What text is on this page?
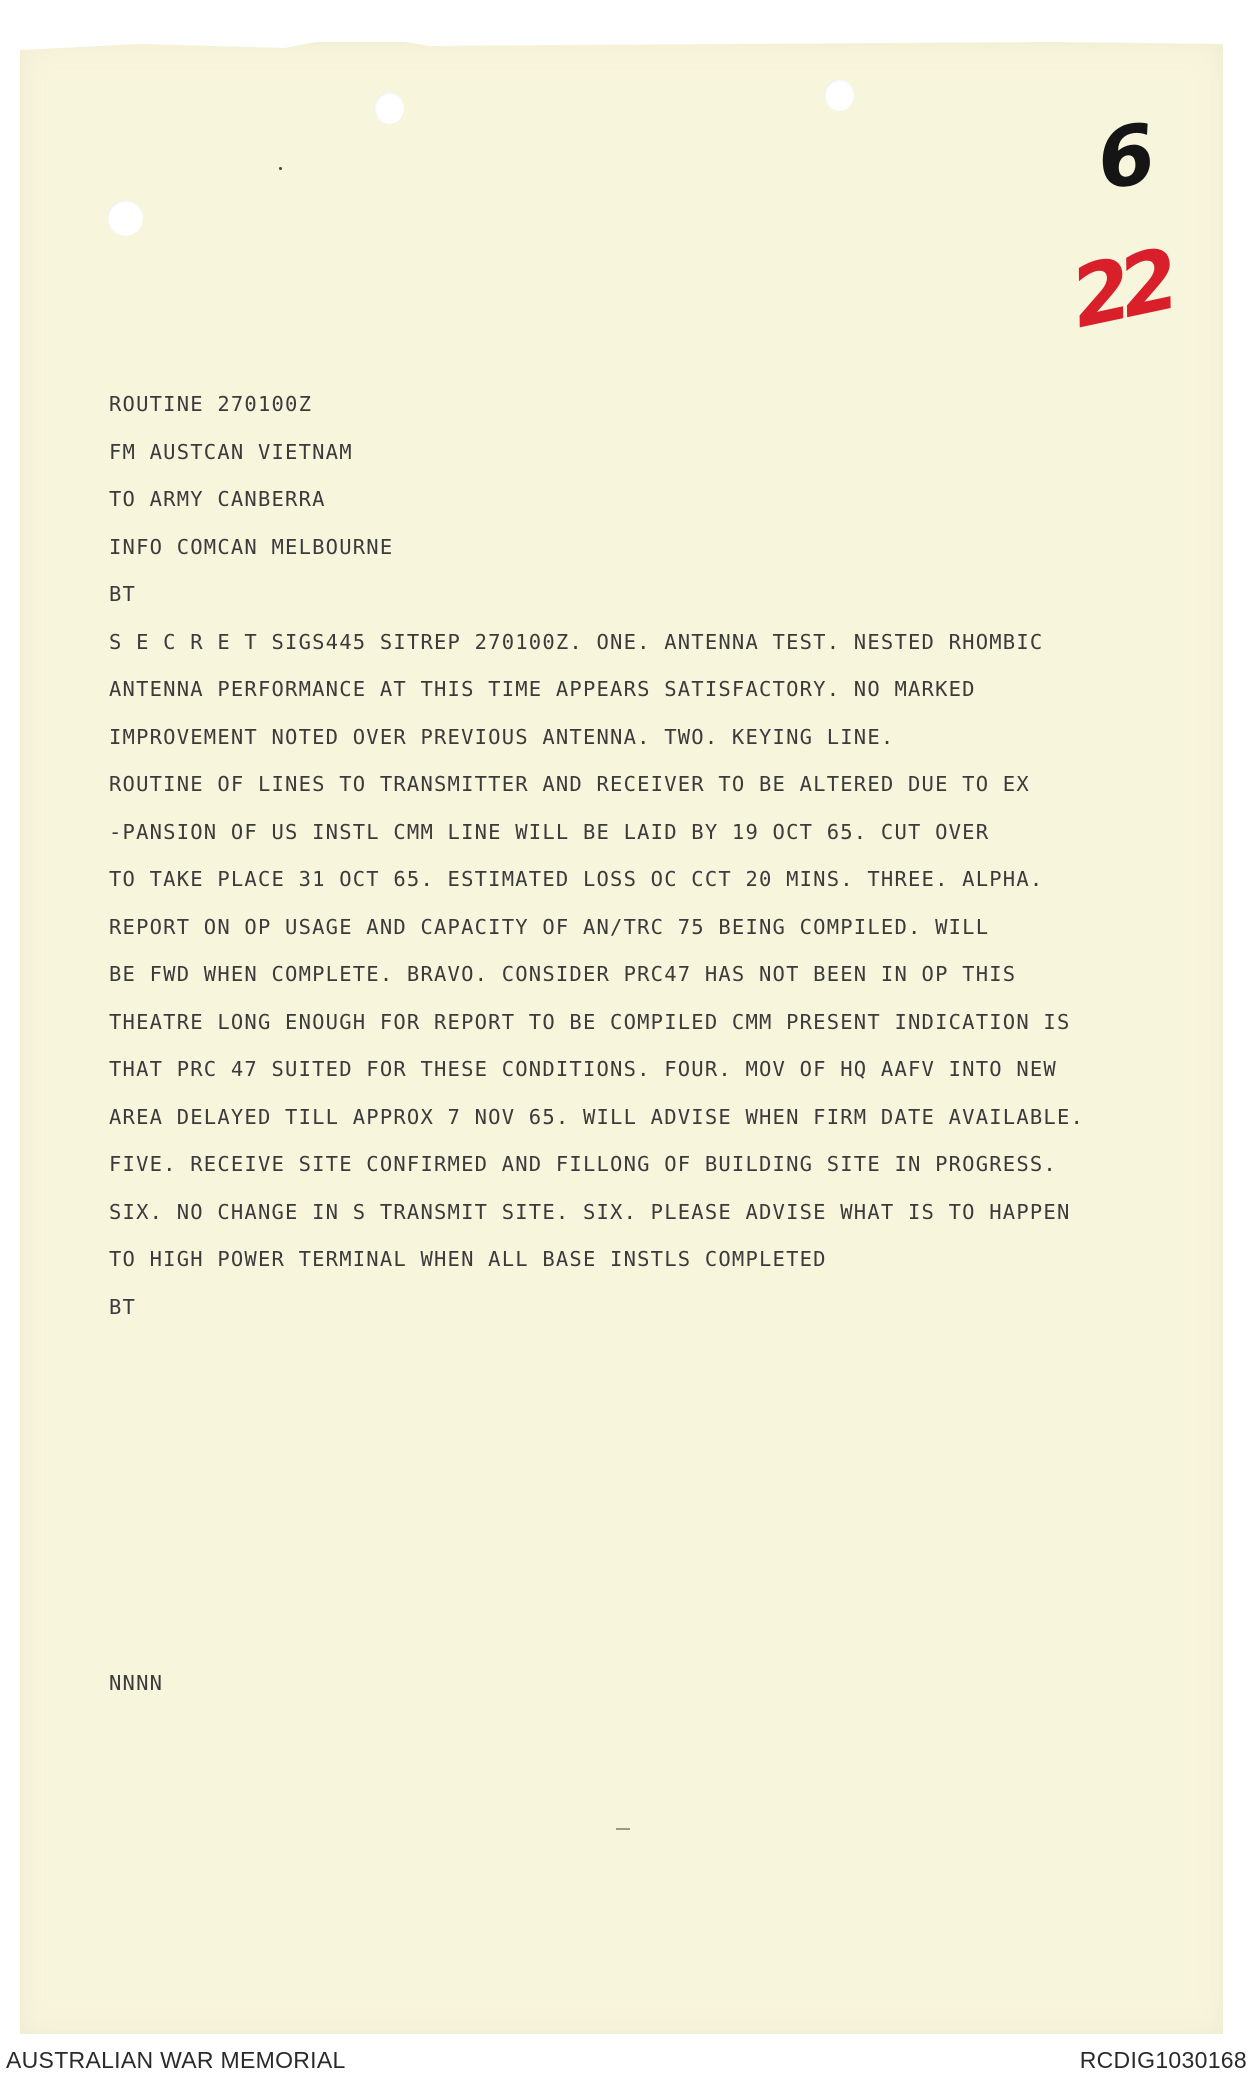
6
22
ROUTINE 270100Z
FM AUSTCAN VIETNAM
TO ARMY CANBERRA
INFO COMCAN MELBOURNE
BT
S E C R E T SIGS445 SITREP 270100Z. ONE. ANTENNA TEST. NESTED RHOMBIC
ANTENNA PERFORMANCE AT THIS TIME APPEARS SATISFACTORY. NO MARKED
IMPROVEMENT NOTED OVER PREVIOUS ANTENNA. TWO. KEYING LINE.
ROUTINE OF LINES TO TRANSMITTER AND RECEIVER TO BE ALTERED DUE TO EX
-PANSION OF US INSTL CMM LINE WILL BE LAID BY 19 OCT 65. CUT OVER
TO TAKE PLACE 31 OCT 65. ESTIMATED LOSS OC CCT 20 MINS. THREE. ALPHA.
REPORT ON OP USAGE AND CAPACITY OF AN/TRC 75 BEING COMPILED. WILL
BE FWD WHEN COMPLETE. BRAVO. CONSIDER PRC47 HAS NOT BEEN IN OP THIS
THEATRE LONG ENOUGH FOR REPORT TO BE COMPILED CMM PRESENT INDICATION IS
THAT PRC 47 SUITED FOR THESE CONDITIONS. FOUR. MOV OF HQ AAFV INTO NEW
AREA DELAYED TILL APPROX 7 NOV 65. WILL ADVISE WHEN FIRM DATE AVAILABLE.
FIVE. RECEIVE SITE CONFIRMED AND FILLONG OF BUILDING SITE IN PROGRESS.
SIX. NO CHANGE IN S TRANSMIT SITE. SIX. PLEASE ADVISE WHAT IS TO HAPPEN
TO HIGH POWER TERMINAL WHEN ALL BASE INSTLS COMPLETED
BT
NNNN
AUSTRALIAN WAR MEMORIAL	RCDIG1030168
